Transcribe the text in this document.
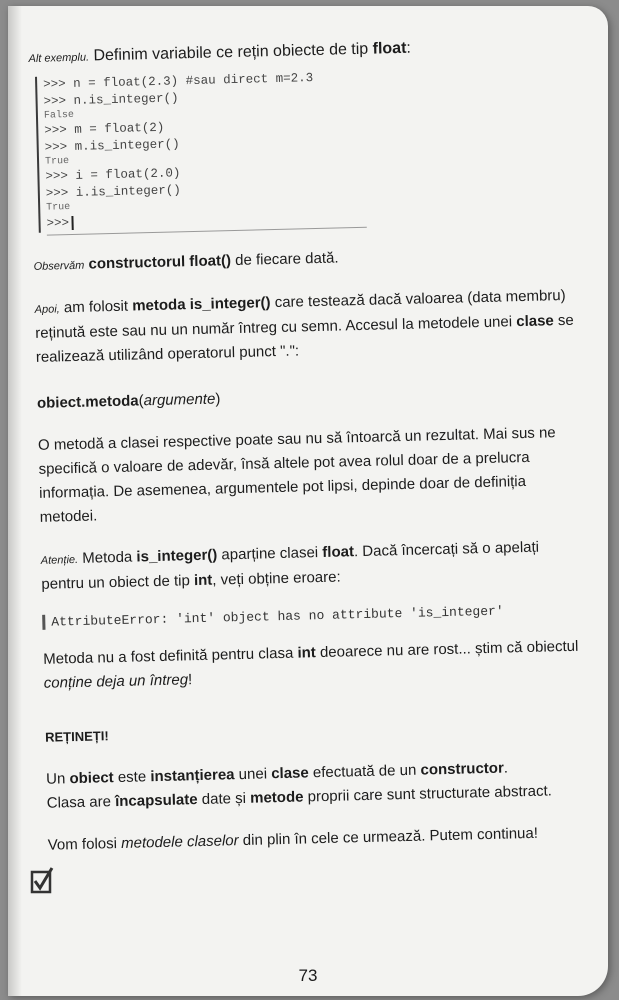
Alt exemplu. Definim variabile ce rețin obiecte de tip float:

>>> n = float(2.3) #sau direct m=2.3
>>> n.is_integer()
False
>>> m = float(2)
>>> m.is_integer()
True
>>> i = float(2.0)
>>> i.is_integer()
True
>>>

Observăm constructorul float() de fiecare dată.

Apoi, am folosit metoda is_integer() care testează dacă valoarea (data membru) reținută este sau nu un număr întreg cu semn. Accesul la metodele unei clase se realizează utilizând operatorul punct ".":

obiect.metoda(argumente)

O metodă a clasei respective poate sau nu să întoarcă un rezultat. Mai sus ne specifică o valoare de adevăr, însă altele pot avea rolul doar de a prelucra informația. De asemenea, argumentele pot lipsi, depinde doar de definiția metodei.

Atenție. Metoda is_integer() aparține clasei float. Dacă încercați să o apelați pentru un obiect de tip int, veți obține eroare:

AttributeError: 'int' object has no attribute 'is_integer'

Metoda nu a fost definită pentru clasa int deoarece nu are rost... știm că obiectul conține deja un întreg!

REȚINEȚI!

Un obiect este instanțierea unei clase efectuată de un constructor.

Clasa are încapsulate date și metode proprii care sunt structurate abstract.

Vom folosi metodele claselor din plin în cele ce urmează. Putem continua!

73
